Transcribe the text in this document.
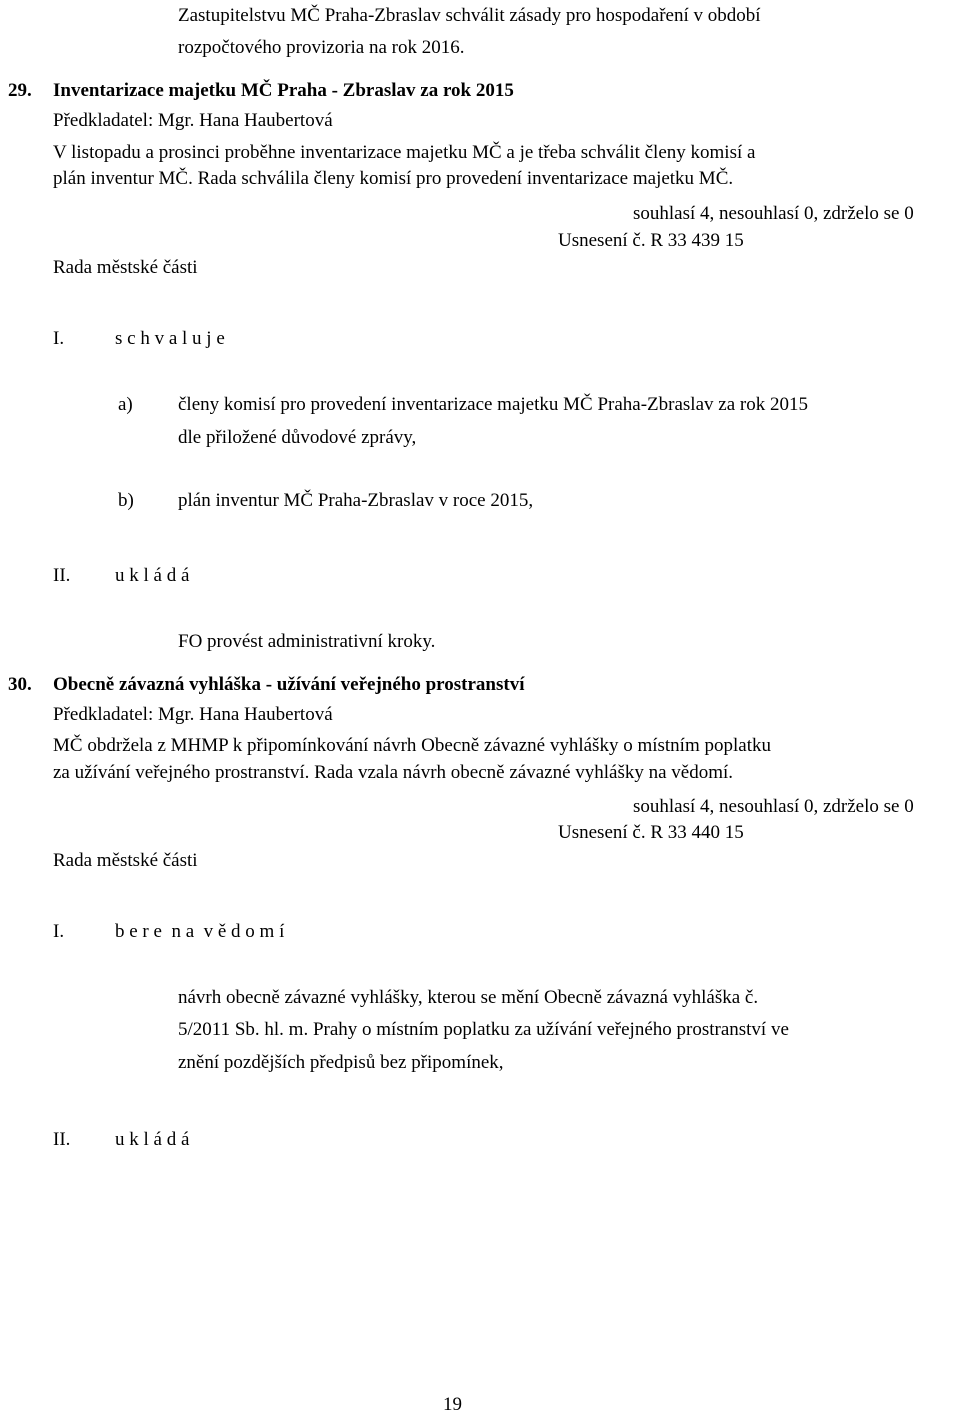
Zastupitelstvu MČ Praha-Zbraslav schválit zásady pro hospodaření v období
rozpočtového provizoria na rok 2016.
29. Inventarizace majetku MČ Praha - Zbraslav za rok 2015
Předkladatel: Mgr. Hana Haubertová
V listopadu a prosinci proběhne inventarizace majetku MČ a je třeba schválit členy komisí a
plán inventur MČ. Rada schválila členy komisí pro provedení inventarizace majetku MČ.
souhlasí 4, nesouhlasí 0, zdrželo se 0
Usnesení č. R 33 439 15
Rada městské části
I.	s c h v a l u j e
a) členy komisí pro provedení inventarizace majetku MČ Praha-Zbraslav za rok 2015
dle přiložené důvodové zprávy,
b) plán inventur MČ Praha-Zbraslav v roce 2015,
II. u k l á d á
FO provést administrativní kroky.
30. Obecně závazná vyhláška - užívání veřejného prostranství
Předkladatel: Mgr. Hana Haubertová
MČ obdržela z MHMP k připomínkování návrh Obecně závazné vyhlášky o místním poplatku
za užívání veřejného prostranství. Rada vzala návrh obecně závazné vyhlášky na vědomí.
souhlasí 4, nesouhlasí 0, zdrželo se 0
Usnesení č. R 33 440 15
Rada městské části
I.	b e r e  n a  v ě d o m í
návrh obecně závazné vyhlášky, kterou se mění Obecně závazná vyhláška č.
5/2011 Sb. hl. m. Prahy o místním poplatku za užívání veřejného prostranství ve
znění pozdějších předpisů bez připomínek,
II. u k l á d á
19
